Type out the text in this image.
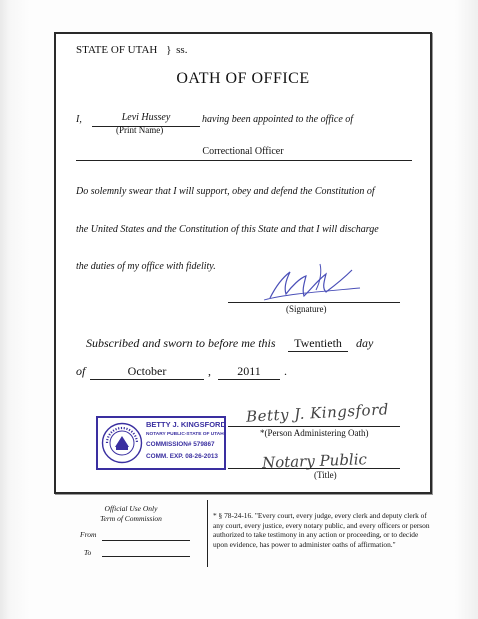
STATE OF UTAH } ss.
OATH OF OFFICE
I,	Levi Hussey
(Print Name)
having been appointed to the office of
Correctional Officer
Do solemnly swear that I will support, obey and defend the Constitution of
the United States and the Constitution of this State and that I will discharge
the duties of my office with fidelity.
(Signature)
Subscribed and sworn to before me this	Twentieth	day
of	October	,	2011	.
BETTY J. KINGSFORD
NOTARY PUBLIC-STATE OF UTAH
COMMISSION# 579867
COMM. EXP. 08-26-2013
Betty J. Kingsford
*(Person Administering Oath)
Notary Public
(Title)
Official Use Only
Term of Commission
From
To
* § 78-24-16. "Every court, every judge, every clerk and deputy clerk of any court, every justice, every notary public, and every officers or person authorized to take testimony in any action or proceeding, or to decide upon evidence, has power to administer oaths of affirmation."
